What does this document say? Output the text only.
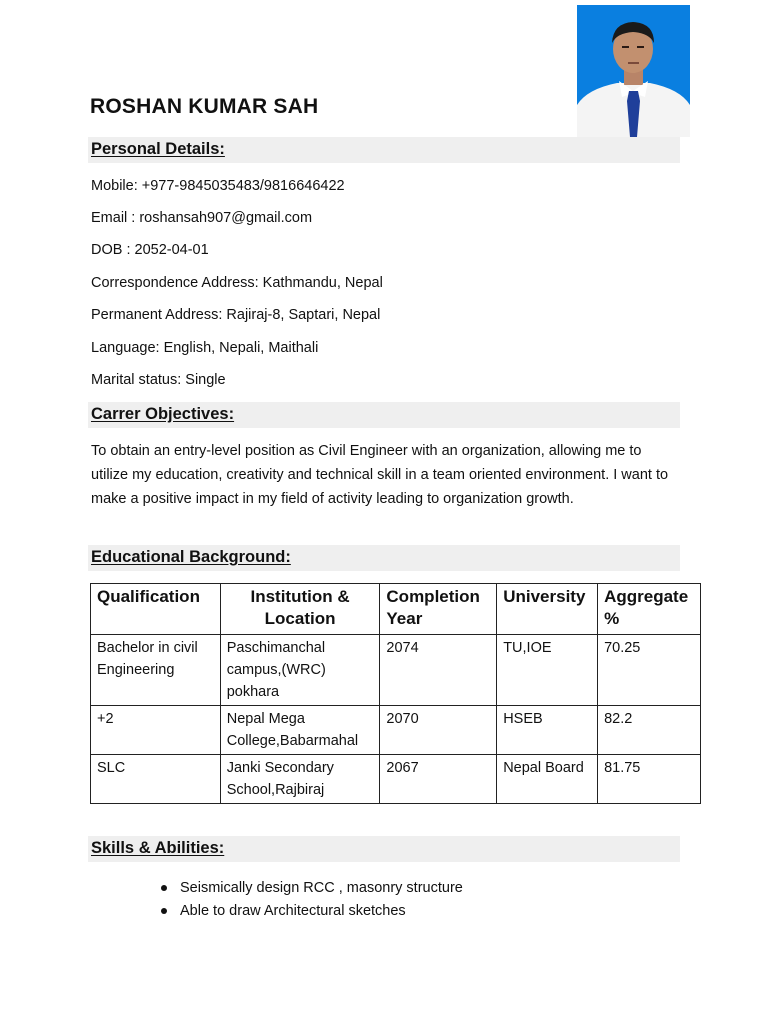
ROSHAN KUMAR SAH
Personal Details:
Mobile: +977-9845035483/9816646422
Email : roshansah907@gmail.com
DOB : 2052-04-01
Correspondence Address: Kathmandu, Nepal
Permanent Address: Rajiraj-8, Saptari, Nepal
Language: English, Nepali, Maithali
Marital status: Single
Carrer Objectives:
To obtain an entry-level position as Civil Engineer with an organization, allowing me to utilize my education, creativity and technical skill in a team oriented environment. I want to make a positive impact in my field of activity leading to organization growth.
Educational Background:
Qualification	Institution & Location	Completion Year	University	Aggregate %
Bachelor in civil Engineering	Paschimanchal campus,(WRC) pokhara	2074	TU,IOE	70.25
+2	Nepal Mega College,Babarmahal	2070	HSEB	82.2
SLC	Janki Secondary School,Rajbiraj	2067	Nepal Board	81.75
Skills & Abilities:
Seismically design RCC , masonry structure
Able to draw Architectural sketches
